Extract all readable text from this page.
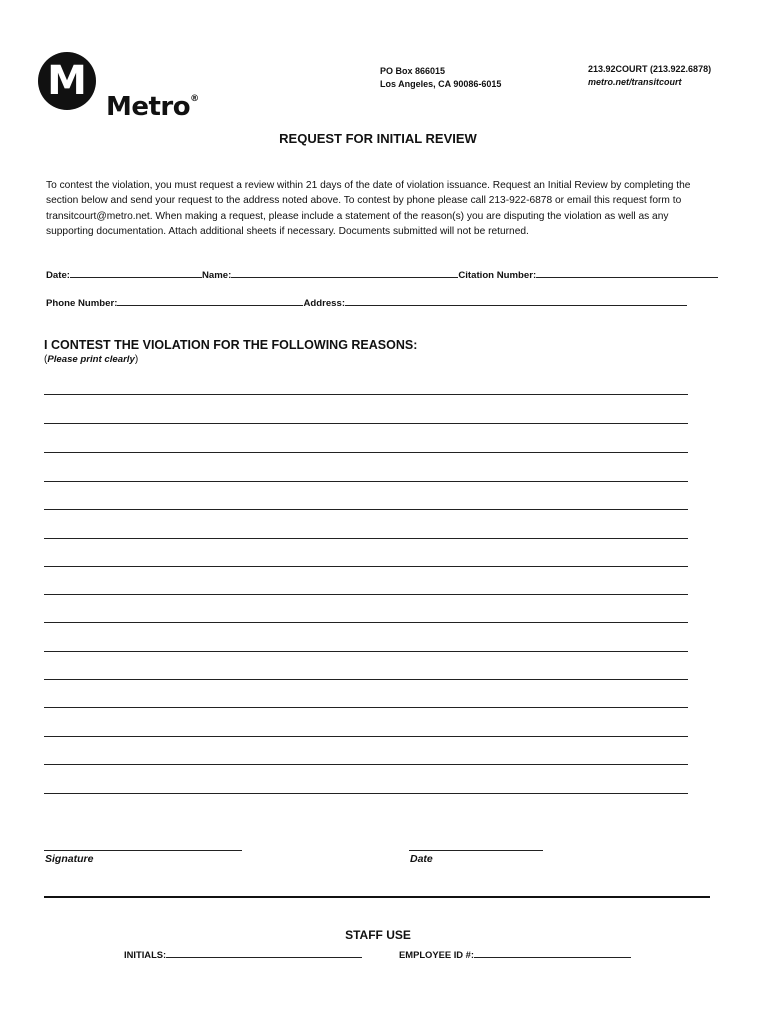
M
Metro®
PO Box 866015
Los Angeles, CA 90086-6015
213.92COURT (213.922.6878)
metro.net/transitcourt
REQUEST FOR INITIAL REVIEW
To contest the violation, you must request a review within 21 days of the date of violation issuance. Request an Initial Review by completing the section below and send your request to the address noted above. To contest by phone please call 213-922-6878 or email this request form to transitcourt@metro.net. When making a request, please include a statement of the reason(s) you are disputing the violation as well as any supporting documentation. Attach additional sheets if necessary. Documents submitted will not be returned.
Date:	Name:	Citation Number:
Phone Number:	Address:
I CONTEST THE VIOLATION FOR THE FOLLOWING REASONS:
(Please print clearly)
Signature	Date
STAFF USE
INITIALS:	EMPLOYEE ID #:
